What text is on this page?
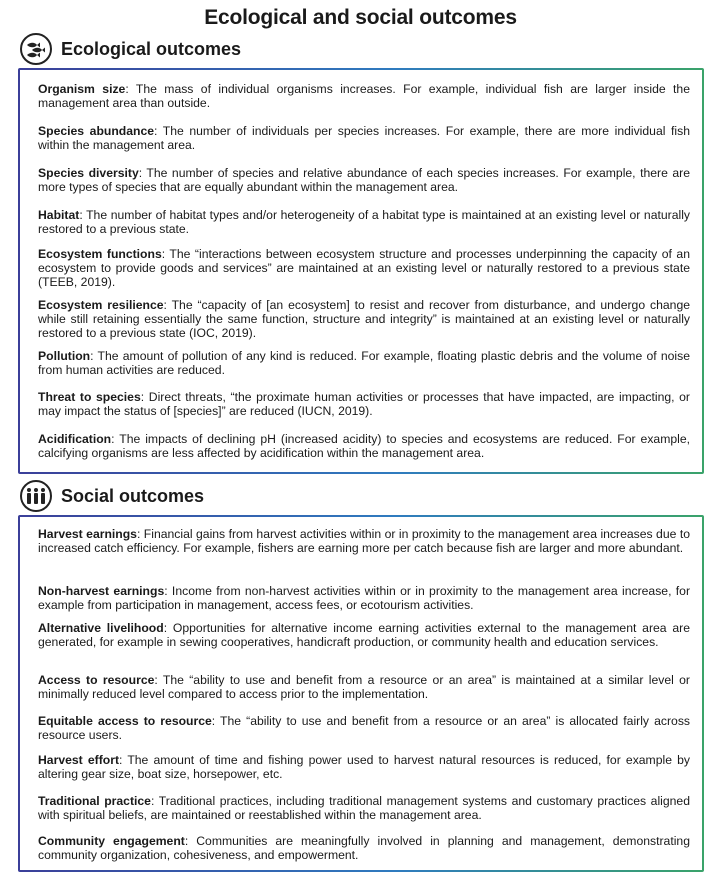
Ecological and social outcomes
Ecological outcomes
Organism size: The mass of individual organisms increases. For example, individual fish are larger inside the management area than outside.
Species abundance: The number of individuals per species increases. For example, there are more individual fish within the management area.
Species diversity: The number of species and relative abundance of each species increases. For example, there are more types of species that are equally abundant within the management area.
Habitat: The number of habitat types and/or heterogeneity of a habitat type is maintained at an existing level or naturally restored to a previous state.
Ecosystem functions: The “interactions between ecosystem structure and processes underpinning the capacity of an ecosystem to provide goods and services” are maintained at an existing level or naturally restored to a previous state (TEEB, 2019).
Ecosystem resilience: The “capacity of [an ecosystem] to resist and recover from disturbance, and undergo change while still retaining essentially the same function, structure and integrity” is maintained at an existing level or naturally restored to a previous state (IOC, 2019).
Pollution: The amount of pollution of any kind is reduced. For example, floating plastic debris and the volume of noise from human activities are reduced.
Threat to species: Direct threats, “the proximate human activities or processes that have impacted, are impacting, or may impact the status of [species]” are reduced (IUCN, 2019).
Acidification: The impacts of declining pH (increased acidity) to species and ecosystems are reduced. For example, calcifying organisms are less affected by acidification within the management area.
Social outcomes
Harvest earnings: Financial gains from harvest activities within or in proximity to the management area increases due to increased catch efficiency. For example, fishers are earning more per catch because fish are larger and more abundant.
Non-harvest earnings: Income from non-harvest activities within or in proximity to the management area increase, for example from participation in management, access fees, or ecotourism activities.
Alternative livelihood: Opportunities for alternative income earning activities external to the management area are generated, for example in sewing cooperatives, handicraft production, or community health and education services.
Access to resource: The “ability to use and benefit from a resource or an area” is maintained at a similar level or minimally reduced level compared to access prior to the implementation.
Equitable access to resource: The “ability to use and benefit from a resource or an area” is allocated fairly across resource users.
Harvest effort: The amount of time and fishing power used to harvest natural resources is reduced, for example by altering gear size, boat size, horsepower, etc.
Traditional practice: Traditional practices, including traditional management systems and customary practices aligned with spiritual beliefs, are maintained or reestablished within the management area.
Community engagement: Communities are meaningfully involved in planning and management, demonstrating community organization, cohesiveness, and empowerment.
